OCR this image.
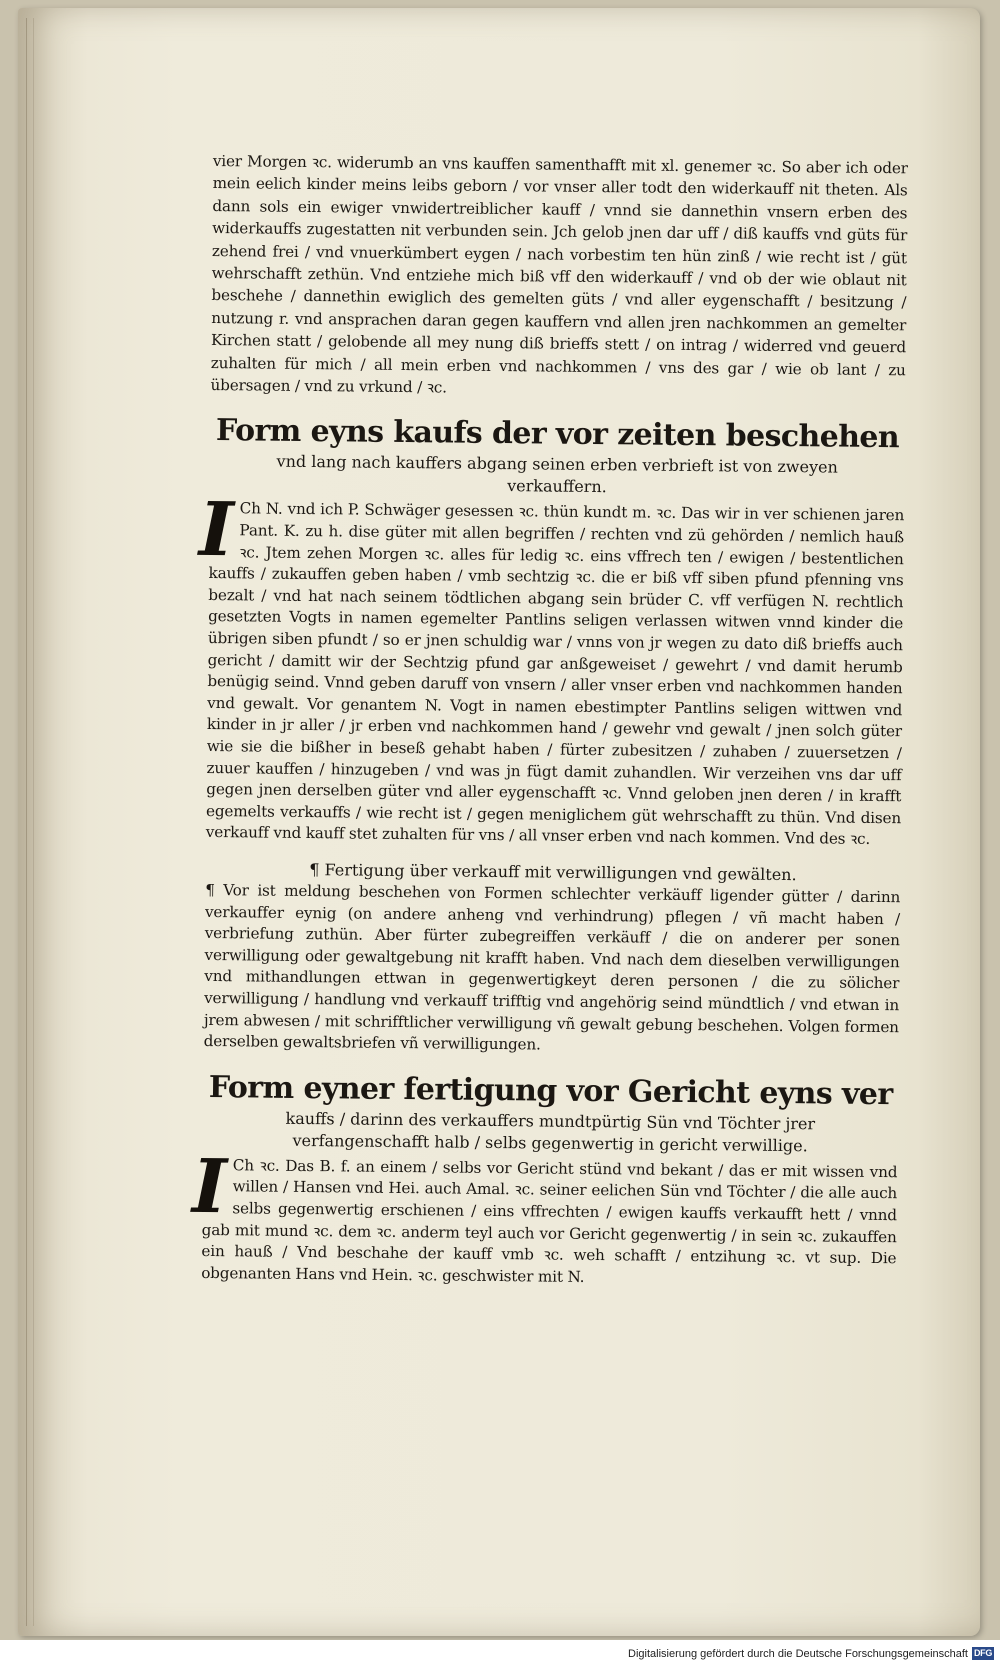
vier Morgen ꝛc. widerumb an vns kauffen samenthafft mit xl. genemer ꝛc. So aber ich oder mein eelich kinder meins leibs geborn / vor vnser aller todt den widerkauff nit theten. Als dann sols ein ewiger vnwidertreiblicher kauff / vnnd sie dannethin vnsern erben des widerkauffs zugestatten nit verbunden sein. Jch gelob jnen dar uff / diß kauffs vnd güts für zehend frei / vnd vnuerkümbert eygen / nach vorbestim ten hün zinß / wie recht ist / güt wehrschafft zethün. Vnd entziehe mich biß vff den widerkauff / vnd ob der wie oblaut nit beschehe / dannethin ewiglich des gemelten güts / vnd aller eygenschafft / besitzung / nutzung r. vnd ansprachen daran gegen kauffern vnd allen jren nachkommen an gemelter Kirchen statt / gelobende all mey nung diß brieffs stett / on intrag / widerred vnd geuerd zuhalten für mich / all mein erben vnd nachkommen / vns des gar / wie ob lant / zu übersagen / vnd zu vrkund / ꝛc.

Form eyns kaufs der vor zeiten beschehen
vnd lang nach kauffers abgang seinen erben verbrieft ist von zweyen verkauffern.

I Ch N. vnd ich P. Schwäger gesessen ꝛc. thün kundt m. ꝛc. Das wir in ver schienen jaren Pant. K. zu h. dise güter mit allen begriffen / rechten vnd zü gehörden / nemlich hauß ꝛc. Jtem zehen Morgen ꝛc. alles für ledig ꝛc. eins vffrech ten / ewigen / bestentlichen kauffs / zukauffen geben haben / vmb sechtzig ꝛc. die er biß vff siben pfund pfenning vns bezalt / vnd hat nach seinem tödtlichen abgang sein brüder C. vff verfügen N. rechtlich gesetzten Vogts in namen egemelter Pantlins seligen verlassen witwen vnnd kinder die übrigen siben pfundt / so er jnen schuldig war / vnns von jr wegen zu dato diß brieffs auch gericht / damitt wir der Sechtzig pfund gar anßgeweiset / gewehrt / vnd damit herumb benügig seind. Vnnd geben daruff von vnsern / aller vnser erben vnd nachkommen handen vnd gewalt. Vor genantem N. Vogt in namen ebestimpter Pantlins seligen wittwen vnd kinder in jr aller / jr erben vnd nachkommen hand / gewehr vnd gewalt / jnen solch güter wie sie die bißher in beseß gehabt haben / fürter zubesitzen / zuhaben / zuuersetzen / zuuer kauffen / hinzugeben / vnd was jn fügt damit zuhandlen. Wir verzeihen vns dar uff gegen jnen derselben güter vnd aller eygenschafft ꝛc. Vnnd geloben jnen deren / in krafft egemelts verkauffs / wie recht ist / gegen meniglichem güt wehrschafft zu thün. Vnd disen verkauff vnd kauff stet zuhalten für vns / all vnser erben vnd nach kommen. Vnd des ꝛc.

¶ Fertigung über verkauff mit verwilligungen vnd gewälten.

¶ Vor ist meldung beschehen von Formen schlechter verkäuff ligender gütter / darinn verkauffer eynig (on andere anheng vnd verhindrung) pflegen / vñ macht haben / verbriefung zuthün. Aber fürter zubegreiffen verkäuff / die on anderer per sonen verwilligung oder gewaltgebung nit krafft haben. Vnd nach dem dieselben verwilligungen vnd mithandlungen ettwan in gegenwertigkeyt deren personen / die zu sölicher verwilligung / handlung vnd verkauff trifftig vnd angehörig seind mündtlich / vnd etwan in jrem abwesen / mit schrifftlicher verwilligung vñ gewalt gebung beschehen. Volgen formen derselben gewaltsbriefen vñ verwilligungen.

Form eyner fertigung vor Gericht eyns ver
kauffs / darinn des verkauffers mundtpürtig Sün vnd Töchter jrer verfangenschafft halb / selbs gegenwertig in gericht verwillige.

I Ch ꝛc. Das B. f. an einem / selbs vor Gericht stünd vnd bekant / das er mit wissen vnd willen / Hansen vnd Hei. auch Amal. ꝛc. seiner eelichen Sün vnd Töchter / die alle auch selbs gegenwertig erschienen / eins vffrechten / ewigen kauffs verkaufft hett / vnnd gab mit mund ꝛc. dem ꝛc. anderm teyl auch vor Gericht gegenwertig / in sein ꝛc. zukauffen ein hauß / Vnd beschahe der kauff vmb ꝛc. weh schafft / entzihung ꝛc. vt sup. Die obgenanten Hans vnd Hein. ꝛc. geschwister mit N.

Digitalisierung gefördert durch die Deutsche Forschungsgemeinschaft DFG
